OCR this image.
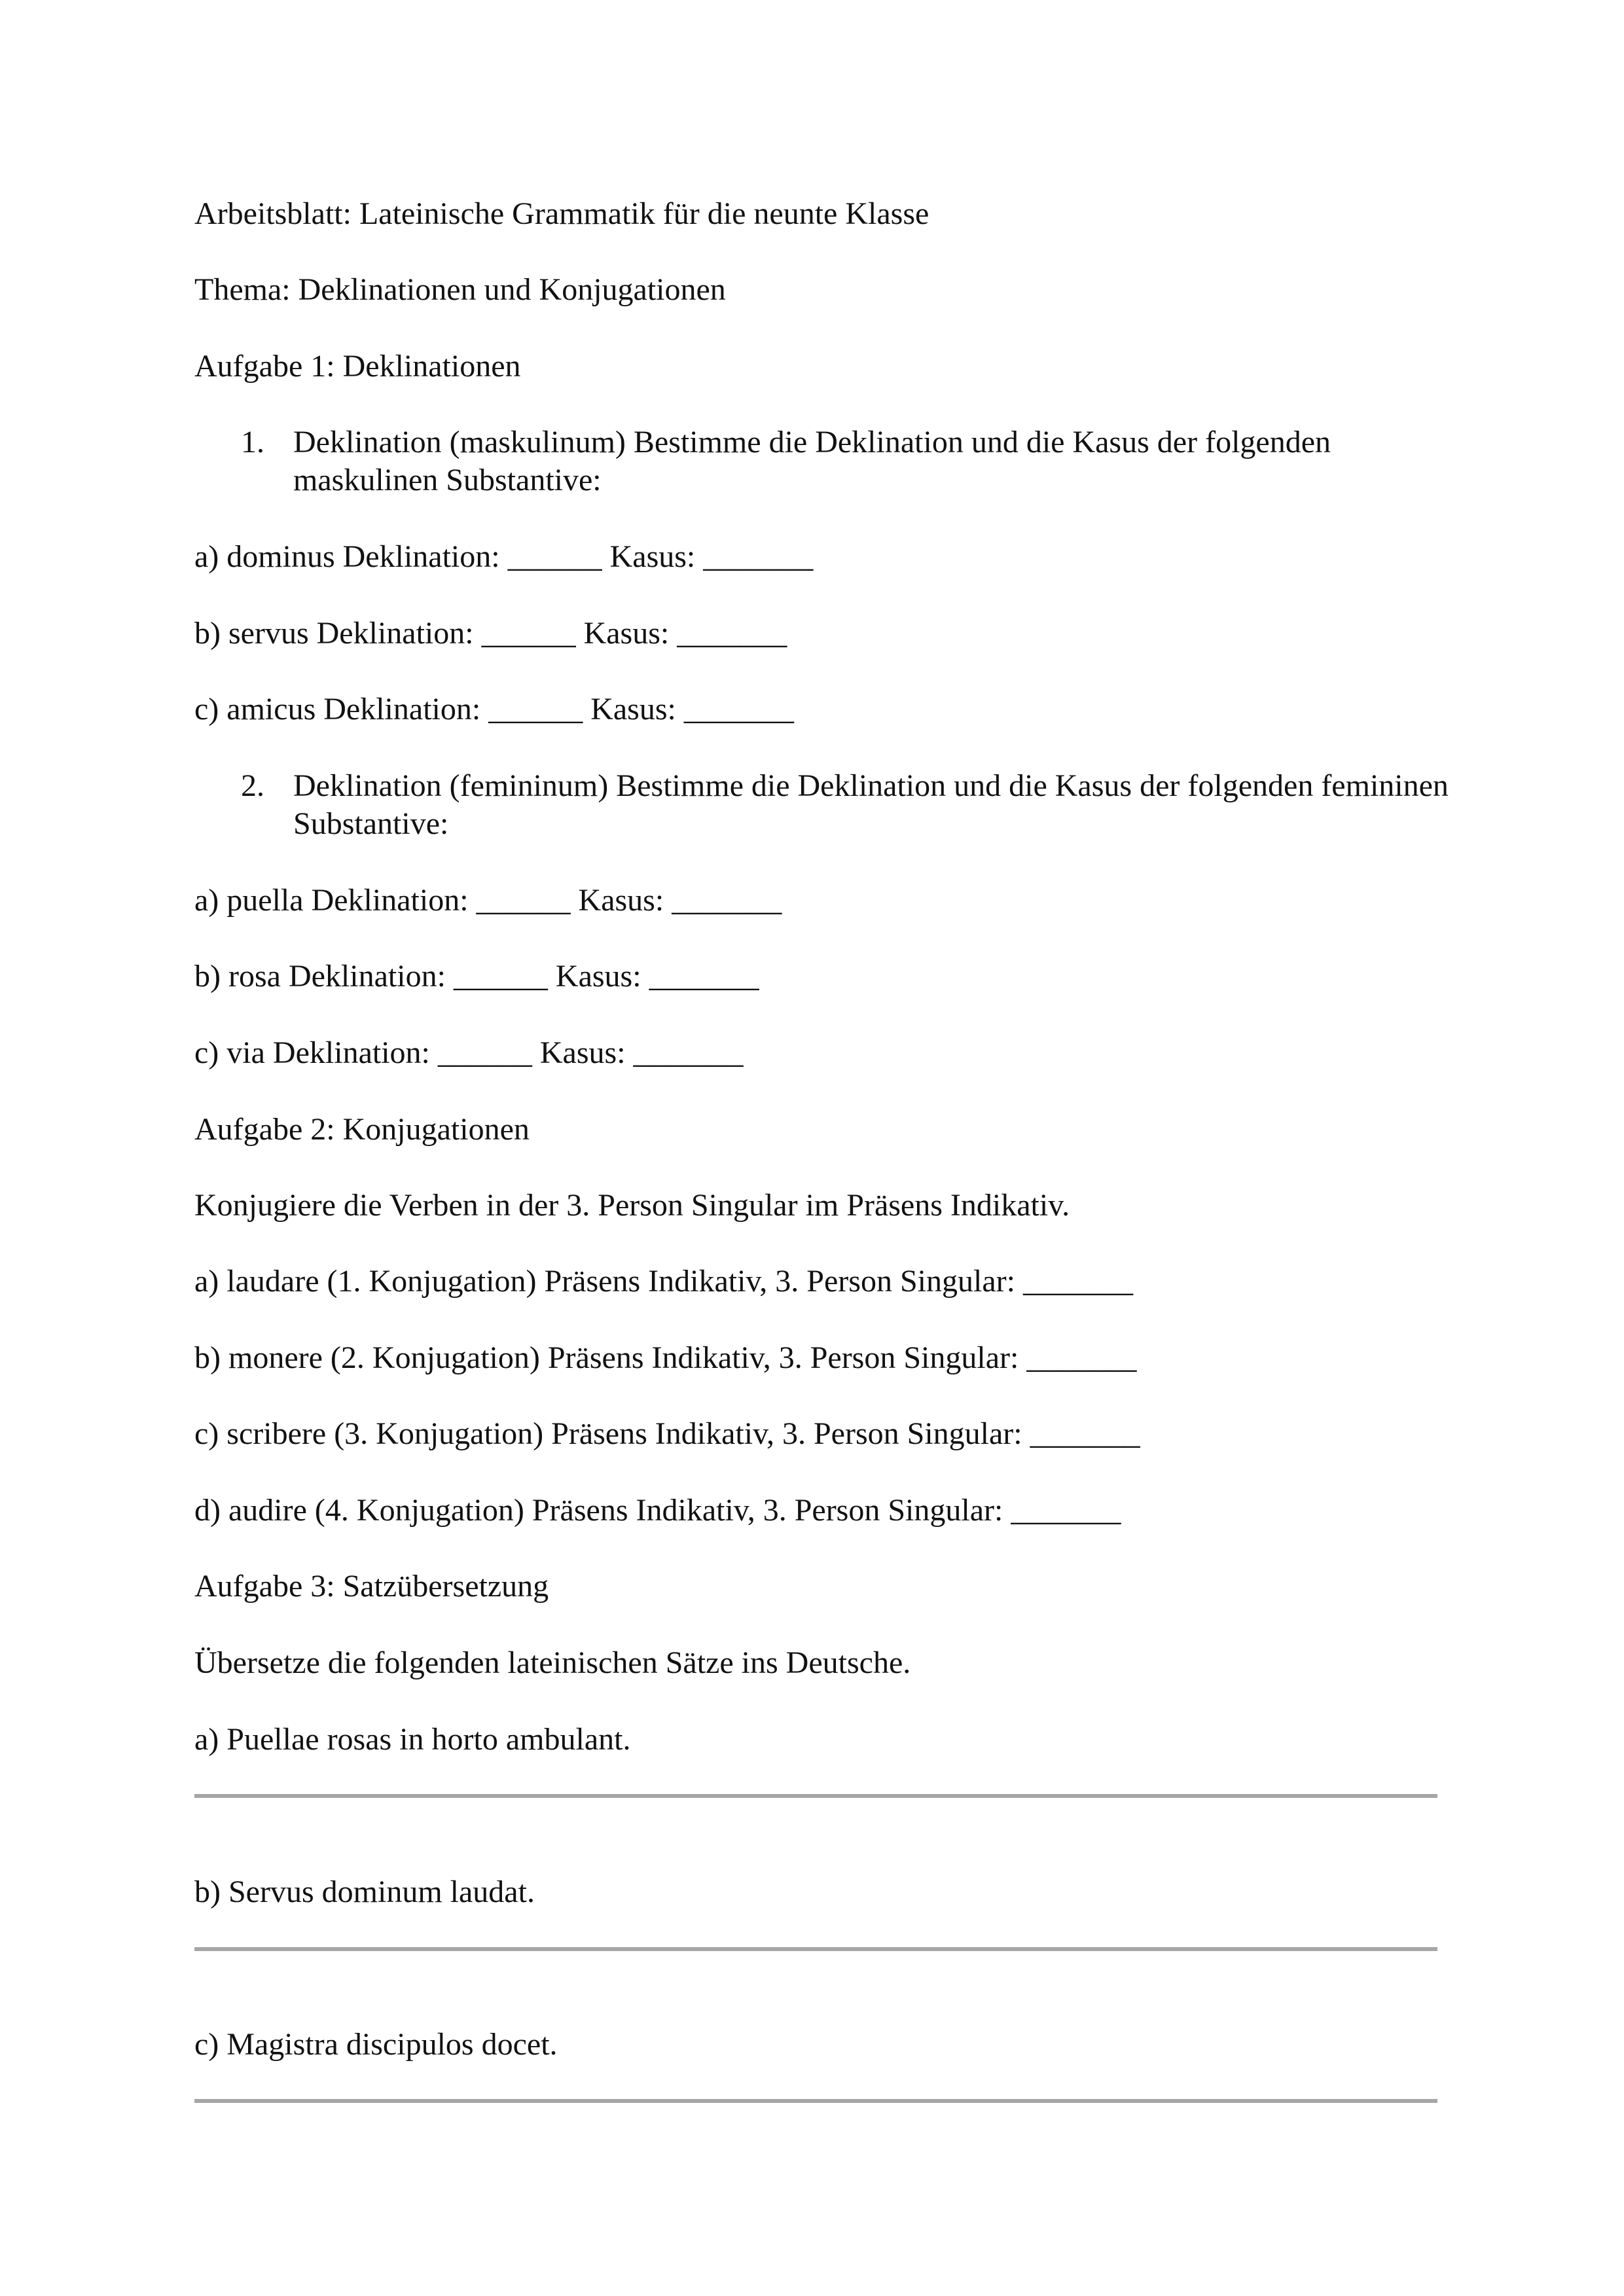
Arbeitsblatt: Lateinische Grammatik für die neunte Klasse
Thema: Deklinationen und Konjugationen
Aufgabe 1: Deklinationen
1. Deklination (maskulinum) Bestimme die Deklination und die Kasus der folgenden maskulinen Substantive:
a) dominus Deklination: ______ Kasus: _______
b) servus Deklination: ______ Kasus: _______
c) amicus Deklination: ______ Kasus: _______
2. Deklination (femininum) Bestimme die Deklination und die Kasus der folgenden femininen Substantive:
a) puella Deklination: ______ Kasus: _______
b) rosa Deklination: ______ Kasus: _______
c) via Deklination: ______ Kasus: _______
Aufgabe 2: Konjugationen
Konjugiere die Verben in der 3. Person Singular im Präsens Indikativ.
a) laudare (1. Konjugation) Präsens Indikativ, 3. Person Singular: _______
b) monere (2. Konjugation) Präsens Indikativ, 3. Person Singular: _______
c) scribere (3. Konjugation) Präsens Indikativ, 3. Person Singular: _______
d) audire (4. Konjugation) Präsens Indikativ, 3. Person Singular: _______
Aufgabe 3: Satzübersetzung
Übersetze die folgenden lateinischen Sätze ins Deutsche.
a) Puellae rosas in horto ambulant.
b) Servus dominum laudat.
c) Magistra discipulos docet.
